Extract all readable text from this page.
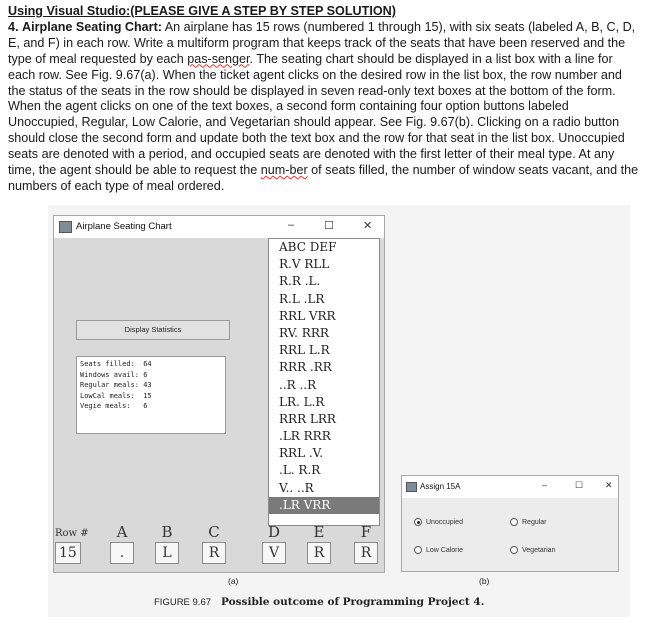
Using Visual Studio:(PLEASE GIVE A STEP BY STEP SOLUTION)
4. Airplane Seating Chart: An airplane has 15 rows (numbered 1 through 15), with six seats (labeled A, B, C, D, E, and F) in each row. Write a multiform program that keeps track of the seats that have been reserved and the type of meal requested by each pas-senger. The seating chart should be displayed in a list box with a line for each row. See Fig. 9.67(a). When the ticket agent clicks on the desired row in the list box, the row number and the status of the seats in the row should be displayed in seven read-only text boxes at the bottom of the form. When the agent clicks on one of the text boxes, a second form containing four option buttons labeled Unoccupied, Regular, Low Calorie, and Vegetarian should appear. See Fig. 9.67(b). Clicking on a radio button should close the second form and update both the text box and the row for that seat in the list box. Unoccupied seats are denoted with a period, and occupied seats are denoted with the first letter of their meal type. At any time, the agent should be able to request the num-ber of seats filled, the number of window seats vacant, and the numbers of each type of meal ordered.
Airplane Seating Chart	–	☐	✕
ABC DEF
R.V RLL
R.R .L.
R.L .LR
RRL VRR
RV. RRR
RRL L.R
RRR .RR
..R ..R
LR. L.R
RRR LRR
.LR RRR
RRL .V.
.L. R.R
V.. ..R
.LR VRR
Display Statistics
Seats filled:  64
Windows avail: 6
Regular meals: 43
LowCal meals:  15
Vegie meals:   6
Row #	A	B C	D	E	F
15	.	L	R	V	R	R
Assign 15A	–	☐ ✕
Unoccupied	Regular
Low Calorie	Vegetarian
(a)	(b)
FIGURE 9.67 Possible outcome of Programming Project 4.
